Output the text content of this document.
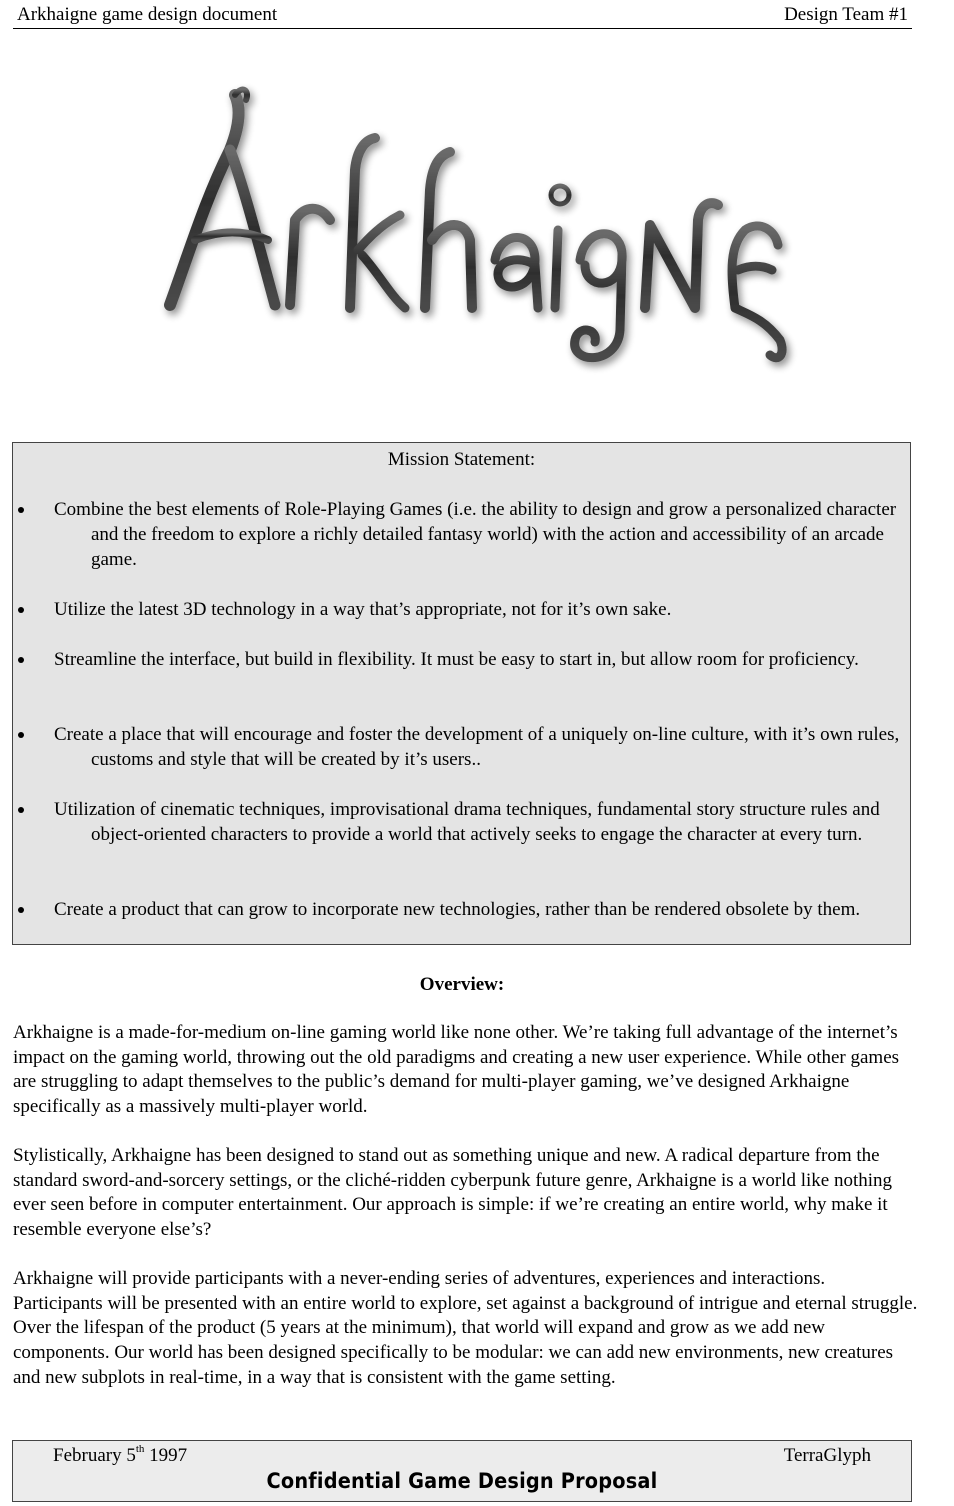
Arkhaigne game design document	Design Team #1
Mission Statement:
Combine the best elements of Role-Playing Games (i.e. the ability to design and grow a personalized character and the freedom to explore a richly detailed fantasy world) with the action and accessibility of an arcade game.
Utilize the latest 3D technology in a way that’s appropriate, not for it’s own sake.
Streamline the interface, but build in flexibility. It must be easy to start in, but allow room for proficiency.
Create a place that will encourage and foster the development of a uniquely on-line culture, with it’s own rules, customs and style that will be created by it’s users..
Utilization of cinematic techniques, improvisational drama techniques, fundamental story structure rules and object-oriented characters to provide a world that actively seeks to engage the character at every turn.
Create a product that can grow to incorporate new technologies, rather than be rendered obsolete by them.
Overview:
Arkhaigne is a made-for-medium on-line gaming world like none other. We’re taking full advantage of the internet’s impact on the gaming world, throwing out the old paradigms and creating a new user experience. While other games are struggling to adapt themselves to the public’s demand for multi-player gaming, we’ve designed Arkhaigne specifically as a massively multi-player world.
Stylistically, Arkhaigne has been designed to stand out as something unique and new. A radical departure from the standard sword-and-sorcery settings, or the cliché-ridden cyberpunk future genre, Arkhaigne is a world like nothing ever seen before in computer entertainment. Our approach is simple: if we’re creating an entire world, why make it resemble everyone else’s?
Arkhaigne will provide participants with a never-ending series of adventures, experiences and interactions. Participants will be presented with an entire world to explore, set against a background of intrigue and eternal struggle. Over the lifespan of the product (5 years at the minimum), that world will expand and grow as we add new components. Our world has been designed specifically to be modular: we can add new environments, new creatures and new subplots in real-time, in a way that is consistent with the game setting.
February 5th 1997	TerraGlyph
Confidential Game Design Proposal
